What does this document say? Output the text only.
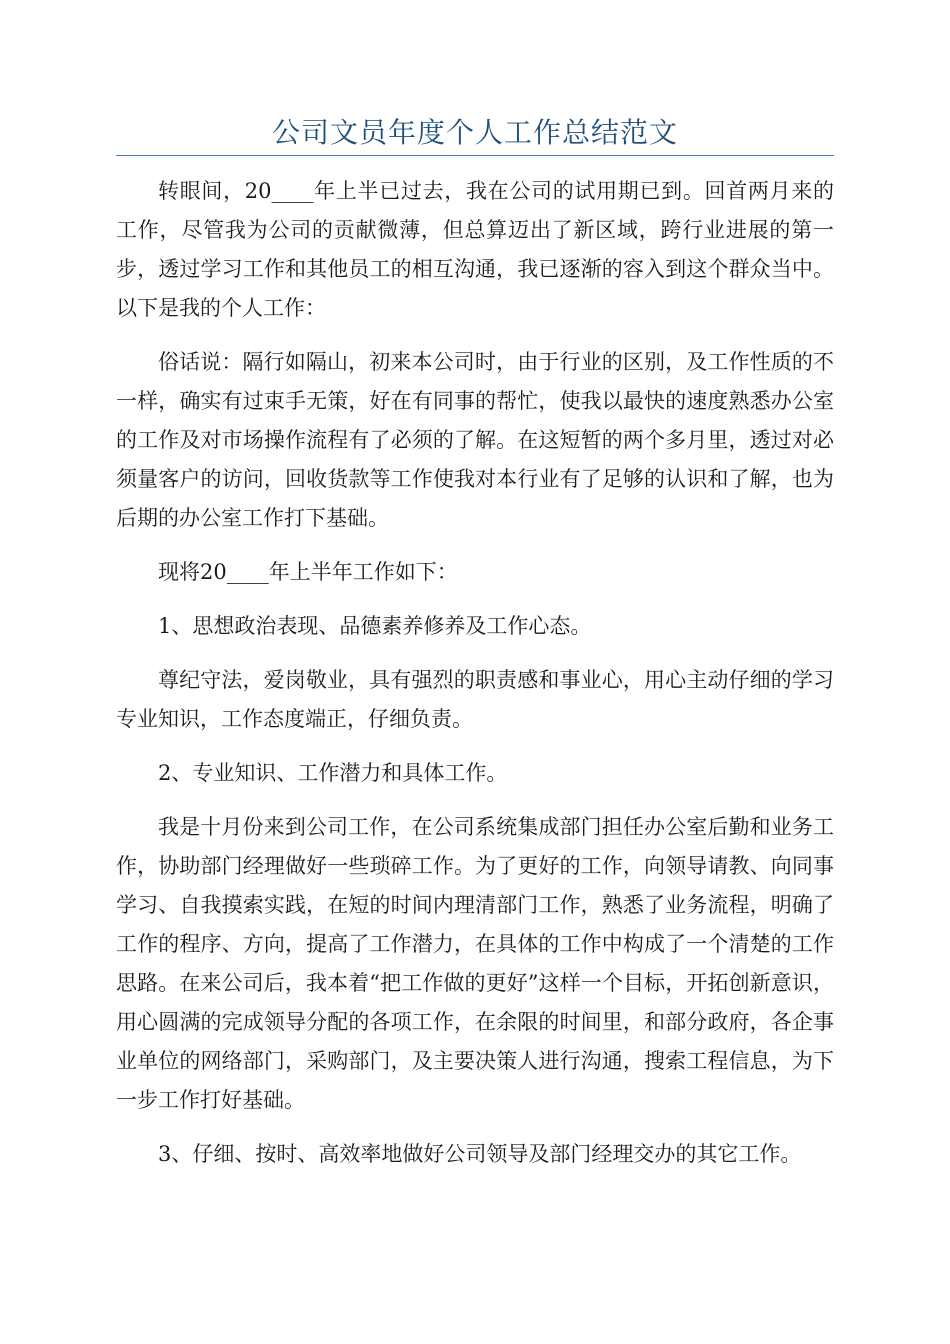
公司文员年度个人工作总结范文

转眼间，20____年上半已过去，我在公司的试用期已到。回首两月来的工作，尽管我为公司的贡献微薄，但总算迈出了新区域，跨行业进展的第一步，透过学习工作和其他员工的相互沟通，我已逐渐的容入到这个群众当中。以下是我的个人工作：

俗话说：隔行如隔山，初来本公司时，由于行业的区别，及工作性质的不一样，确实有过束手无策，好在有同事的帮忙，使我以最快的速度熟悉办公室的工作及对市场操作流程有了必须的了解。在这短暂的两个多月里，透过对必须量客户的访问，回收货款等工作使我对本行业有了足够的认识和了解，也为后期的办公室工作打下基础。

现将20____年上半年工作如下：

1、思想政治表现、品德素养修养及工作心态。

尊纪守法，爱岗敬业，具有强烈的职责感和事业心，用心主动仔细的学习专业知识，工作态度端正，仔细负责。

2、专业知识、工作潜力和具体工作。

我是十月份来到公司工作，在公司系统集成部门担任办公室后勤和业务工作，协助部门经理做好一些琐碎工作。为了更好的工作，向领导请教、向同事学习、自我摸索实践，在短的时间内理清部门工作，熟悉了业务流程，明确了工作的程序、方向，提高了工作潜力，在具体的工作中构成了一个清楚的工作思路。在来公司后，我本着“把工作做的更好”这样一个目标，开拓创新意识，用心圆满的完成领导分配的各项工作，在余限的时间里，和部分政府，各企事业单位的网络部门，采购部门，及主要决策人进行沟通，搜索工程信息，为下一步工作打好基础。

3、仔细、按时、高效率地做好公司领导及部门经理交办的其它工作。
